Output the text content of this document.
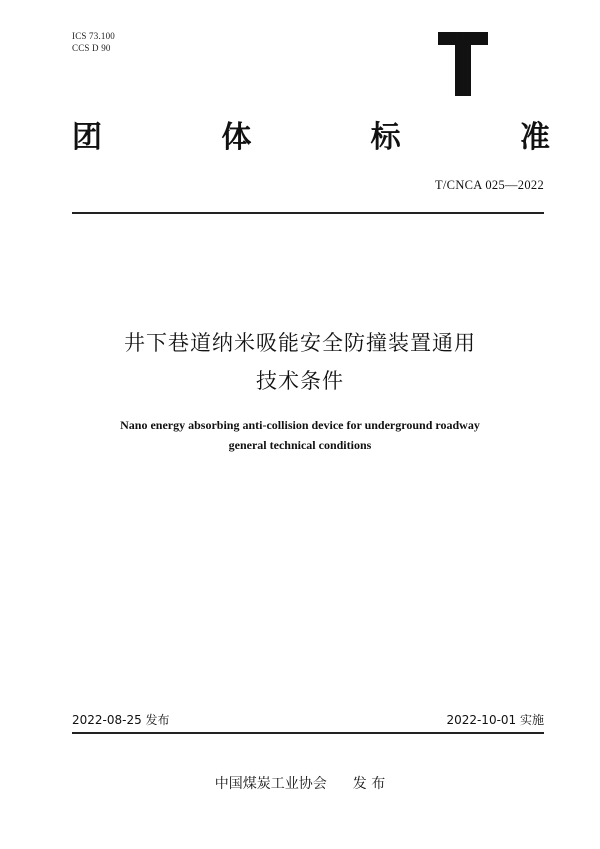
ICS 73.100
CCS D 90
团	体	标	准
T/CNCA 025—2022
井下巷道纳米吸能安全防撞装置通用
技术条件
Nano energy absorbing anti-collision device for underground roadway
general technical conditions
2022-08-25 发布	2022-10-01 实施
中国煤炭工业协会 发 布
